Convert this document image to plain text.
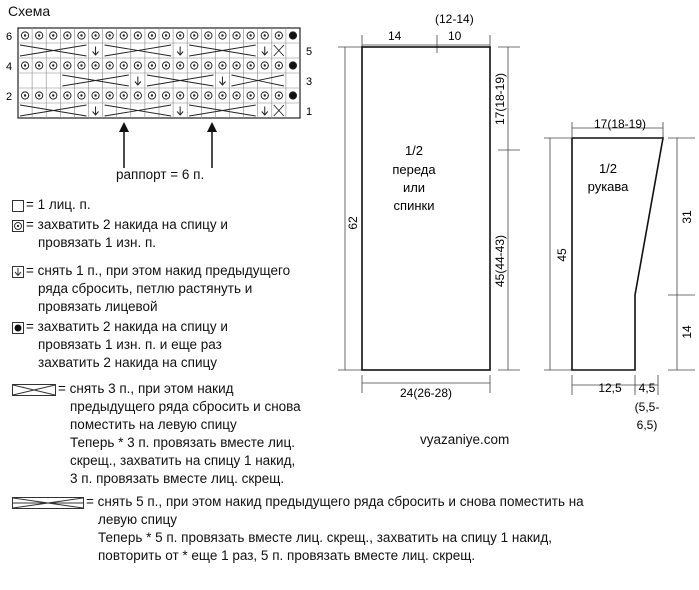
Схема
6
4
2
5
3
1
раппорт = 6 п.
= 1 лиц. п.
= захватить 2 накида на спицу и
провязать 1 изн. п.
= снять 1 п., при этом накид предыдущего
ряда сбросить, петлю растянуть и
провязать лицевой
= захватить 2 накида на спицу и
провязать 1 изн. п. и еще раз
захватить 2 накида на спицу
= снять 3 п., при этом накид
предыдущего ряда сбросить и снова
поместить на левую спицу
Теперь * 3 п. провязать вместе лиц.
скрещ., захватить на спицу 1 накид,
3 п. провязать вместе лиц. скрещ.
= снять 5 п., при этом накид предыдущего ряда сбросить и снова поместить на
левую спицу
Теперь * 5 п. провязать вместе лиц. скрещ., захватить на спицу 1 накид,
повторить от * еще 1 раз, 5 п. провязать вместе лиц. скрещ.
14	10
(12-14)
1/2
переда
или
спинки
62
17(18-19)
45(44-43)
24(26-28)
17(18-19)
1/2
рукава
45
31
14
12,5 4,5
(5,5-
6,5)
vyazaniye.com
